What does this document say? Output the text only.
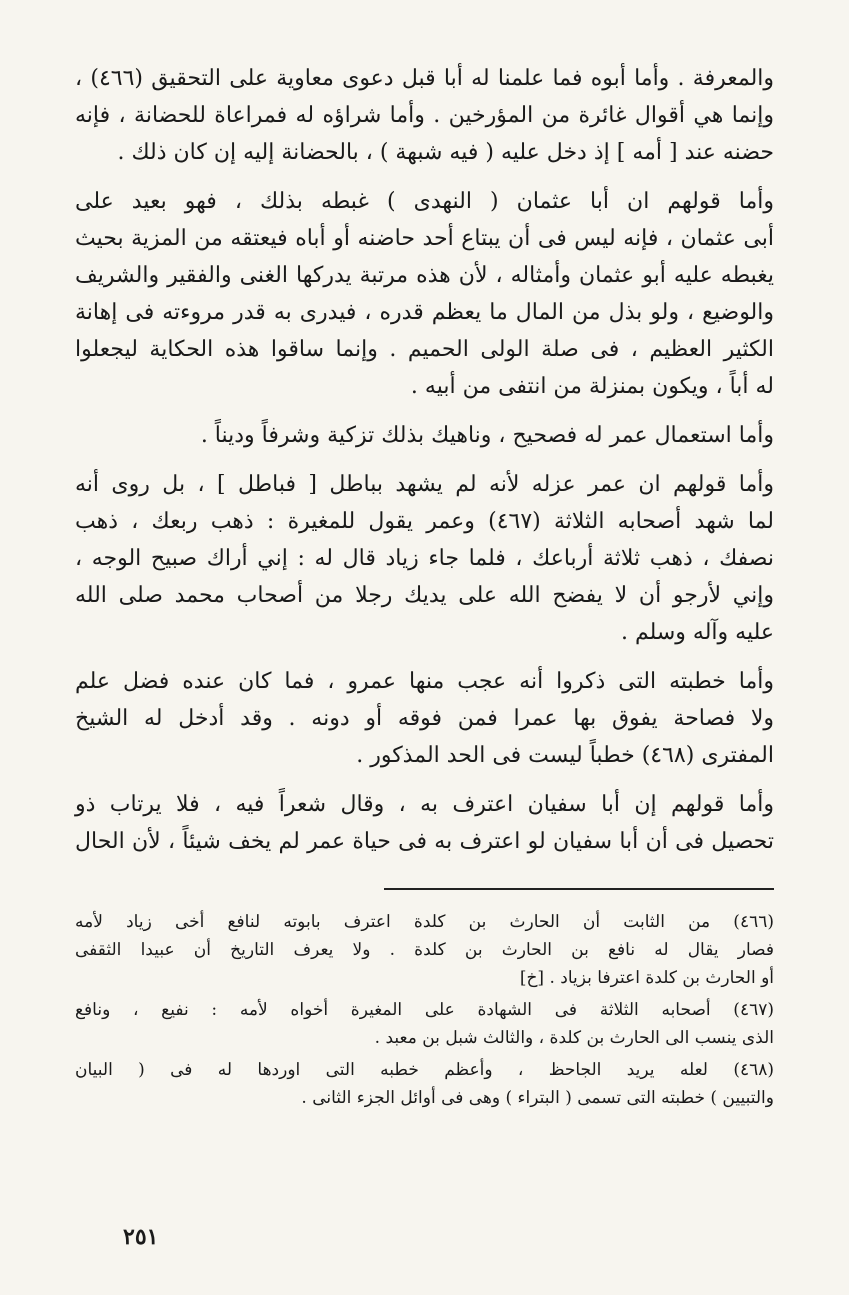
والمعرفة . وأما أبوه فما علمنا له أبا قبل دعوى معاوية على التحقيق (٤٦٦) ،
وإنما هي أقوال غائرة من المؤرخين . وأما شراؤه له فمراعاة للحضانة ، فإنه
حضنه عند [ أمه ] إذ دخل عليه ( فيه شبهة ) ، بالحضانة إليه إن كان ذلك .

وأما قولهم ان أبا عثمان ( النهدى ) غبطه بذلك ، فهو بعيد على
أبى عثمان ، فإنه ليس فى أن يبتاع أحد حاضنه أو أباه فيعتقه من المزية بحيث
يغبطه عليه أبو عثمان وأمثاله ، لأن هذه مرتبة يدركها الغنى والفقير والشريف
والوضيع ، ولو بذل من المال ما يعظم قدره ، فيدرى به قدر مروءته فى إهانة
الكثير العظيم ، فى صلة الولى الحميم . وإنما ساقوا هذه الحكاية ليجعلوا
له أباً ، ويكون بمنزلة من انتفى من أبيه .

وأما استعمال عمر له فصحيح ، وناهيك بذلك تزكية وشرفاً وديناً .

وأما قولهم ان عمر عزله لأنه لم يشهد بباطل [ فباطل ] ، بل روى أنه
لما شهد أصحابه الثلاثة (٤٦٧) وعمر يقول للمغيرة : ذهب ربعك ، ذهب
نصفك ، ذهب ثلاثة أرباعك ، فلما جاء زياد قال له : إني أراك صبيح الوجه ،
وإني لأرجو أن لا يفضح الله على يديك رجلا من أصحاب محمد صلى الله
عليه وآله وسلم .

وأما خطبته التى ذكروا أنه عجب منها عمرو ، فما كان عنده فضل علم
ولا فصاحة يفوق بها عمرا فمن فوقه أو دونه . وقد أدخل له الشيخ
المفترى (٤٦٨) خطباً ليست فى الحد المذكور .

وأما قولهم إن أبا سفيان اعترف به ، وقال شعراً فيه ، فلا يرتاب ذو
تحصيل فى أن أبا سفيان لو اعترف به فى حياة عمر لم يخف شيئاً ، لأن الحال

(٤٦٦) من الثابت أن الحارث بن كلدة اعترف بابوته لنافع أخى زياد لأمه
فصار يقال له نافع بن الحارث بن كلدة . ولا يعرف التاريخ أن عبيدا الثقفى
أو الحارث بن كلدة اعترفا بزياد . [خ]

(٤٦٧) أصحابه الثلاثة فى الشهادة على المغيرة أخواه لأمه : نفيع ، ونافع
الذى ينسب الى الحارث بن كلدة ، والثالث شبل بن معبد .

(٤٦٨) لعله يريد الجاحظ ، وأعظم خطبه التى اوردها له فى ( البيان
والتبيين ) خطبته التى تسمى ( البتراء ) وهى فى أوائل الجزء الثانى .

٢٥١
